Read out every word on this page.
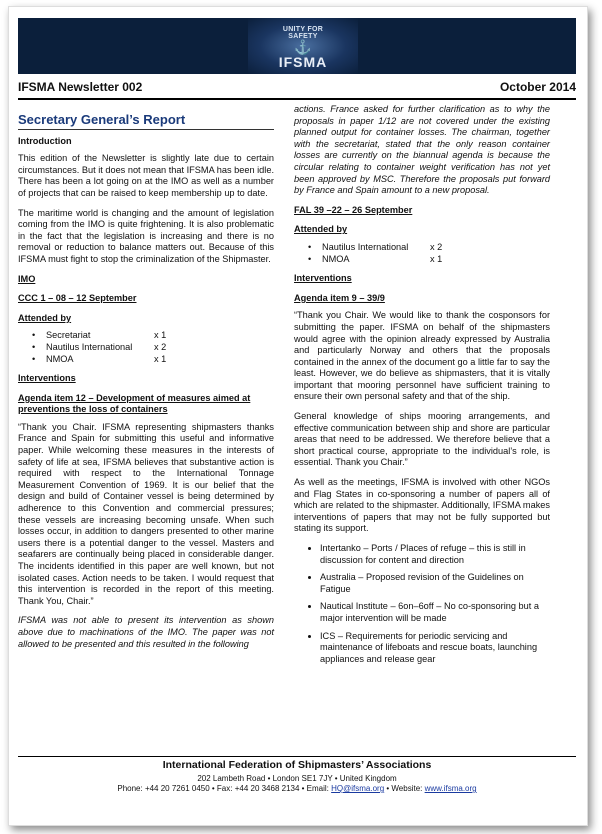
UNITY FOR SAFETY
⚓
IFSMA
IFSMA Newsletter 002	October 2014
Secretary General’s Report
Introduction

This edition of the Newsletter is slightly late due to certain circumstances. But it does not mean that IFSMA has been idle. There has been a lot going on at the IMO as well as a number of projects that can be raised to keep membership up to date.

The maritime world is changing and the amount of legislation coming from the IMO is quite frightening. It is also problematic in the fact that the legislation is increasing and there is no removal or reduction to balance matters out. Because of this IFSMA must fight to stop the criminalization of the Shipmaster.

IMO
CCC 1 – 08 – 12 September
Attended by
•	Secretariat	x 1
•	Nautilus International	x 2
•	NMOA	x 1
Interventions
Agenda item 12 – Development of measures aimed at preventions the loss of containers

“Thank you Chair. IFSMA representing shipmasters thanks France and Spain for submitting this useful and informative paper. While welcoming these measures in the interests of safety of life at sea, IFSMA believes that substantive action is required with respect to the International Tonnage Measurement Convention of 1969. It is our belief that the design and build of Container vessel is being determined by adherence to this Convention and commercial pressures; these vessels are increasing becoming unsafe. When such losses occur, in addition to dangers presented to other marine users there is a potential danger to the vessel. Masters and seafarers are continually being placed in considerable danger. The incidents identified in this paper are well known, but not isolated cases. Action needs to be taken. I would request that this intervention is recorded in the report of this meeting. Thank You, Chair.”

IFSMA was not able to present its intervention as shown above due to machinations of the IMO. The paper was not allowed to be presented and this resulted in the following

actions. France asked for further clarification as to why the proposals in paper 1/12 are not covered under the existing planned output for container losses. The chairman, together with the secretariat, stated that the only reason container losses are currently on the biannual agenda is because the circular relating to container weight verification has not yet been approved by MSC. Therefore the proposals put forward by France and Spain amount to a new proposal.

FAL 39 –22 – 26 September
Attended by
•	Nautilus International	x 2
•	NMOA	x 1
Interventions
Agenda item 9 – 39/9

“Thank you Chair. We would like to thank the cosponsors for submitting the paper. IFSMA on behalf of the shipmasters would agree with the opinion already expressed by Australia and particularly Norway and others that the proposals contained in the annex of the document go a little far to say the least. However, we do believe as shipmasters, that it is vitally important that mooring personnel have sufficient training to ensure their own personal safety and that of the ship.

General knowledge of ships mooring arrangements, and effective communication between ship and shore are particular areas that need to be addressed. We therefore believe that a short practical course, appropriate to the individual’s role, is essential. Thank you Chair.”

As well as the meetings, IFSMA is involved with other NGOs and Flag States in co-sponsoring a number of papers all of which are related to the shipmaster. Additionally, IFSMA makes interventions of papers that may not be fully supported but stating its support.

• Intertanko – Ports / Places of refuge – this is still in discussion for content and direction
• Australia – Proposed revision of the Guidelines on Fatigue
• Nautical Institute – 6on–6off – No co-sponsoring but a major intervention will be made
• ICS – Requirements for periodic servicing and maintenance of lifeboats and rescue boats, launching appliances and release gear
International Federation of Shipmasters’ Associations
202 Lambeth Road • London SE1 7JY • United Kingdom
Phone: +44 20 7261 0450 • Fax: +44 20 3468 2134 • Email: HQ@ifsma.org • Website: www.ifsma.org
